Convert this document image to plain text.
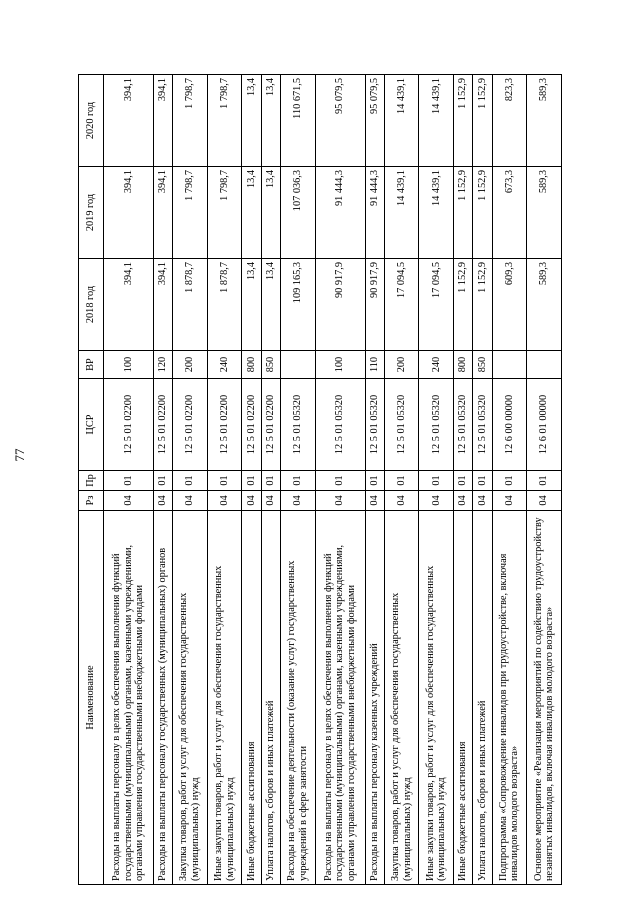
77
Наименование	Рз	Пр	ЦСР	ВР	2018 год	2019 год	2020 год
Расходы на выплаты персоналу в целях обеспечения выполнения функций государственными (муниципальными) органами, казенными учреждениями, органами управления государственными внебюджетными фондами	04	01	12 5 01 02200	100	394,1	394,1	394,1
Расходы на выплаты персоналу государственных (муниципальных) органов	04	01	12 5 01 02200	120	394,1	394,1	394,1
Закупка товаров, работ и услуг для обеспечения государственных (муниципальных) нужд	04	01	12 5 01 02200	200	1 878,7	1 798,7	1 798,7
Иные закупки товаров, работ и услуг для обеспечения государственных (муниципальных) нужд	04	01	12 5 01 02200	240	1 878,7	1 798,7	1 798,7
Иные бюджетные ассигнования	04	01	12 5 01 02200	800	13,4	13,4	13,4
Уплата налогов, сборов и иных платежей	04	01	12 5 01 02200	850	13,4	13,4	13,4
Расходы на обеспечение деятельности (оказание услуг) государственных учреждений в сфере занятости	04	01	12 5 01 05320		109 165,3	107 036,3	110 671,5
Расходы на выплаты персоналу в целях обеспечения выполнения функций государственными (муниципальными) органами, казенными учреждениями, органами управления государственными внебюджетными фондами	04	01	12 5 01 05320	100	90 917,9	91 444,3	95 079,5
Расходы на выплаты персоналу казенных учреждений	04	01	12 5 01 05320	110	90 917,9	91 444,3	95 079,5
Закупка товаров, работ и услуг для обеспечения государственных (муниципальных) нужд	04	01	12 5 01 05320	200	17 094,5	14 439,1	14 439,1
Иные закупки товаров, работ и услуг для обеспечения государственных (муниципальных) нужд	04	01	12 5 01 05320	240	17 094,5	14 439,1	14 439,1
Иные бюджетные ассигнования	04	01	12 5 01 05320	800	1 152,9	1 152,9	1 152,9
Уплата налогов, сборов и иных платежей	04	01	12 5 01 05320	850	1 152,9	1 152,9	1 152,9
Подпрограмма «Сопровождение инвалидов при трудоустройстве, включая инвалидов молодого возраста»	04	01	12 6 00 00000		609,3	673,3	823,3
Основное мероприятие «Реализация мероприятий по содействию трудоустройству незанятых инвалидов, включая инвалидов молодого возраста»	04	01	12 6 01 00000		589,3	589,3	589,3
